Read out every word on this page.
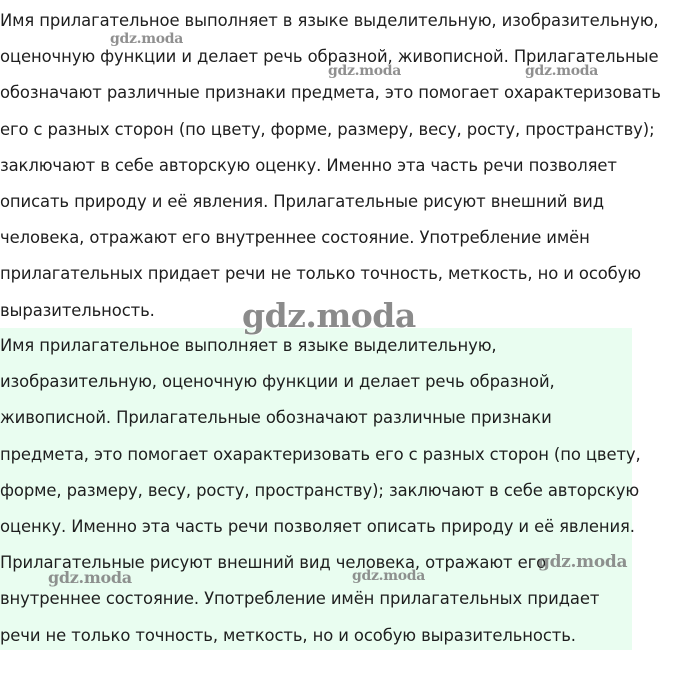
Имя прилагательное выполняет в языке выделительную, изобразительную,
оценочную функции и делает речь образной, живописной. Прилагательные
обозначают различные признаки предмета, это помогает охарактеризовать
его с разных сторон (по цвету, форме, размеру, весу, росту, пространству);
заключают в себе авторскую оценку. Именно эта часть речи позволяет
описать природу и её явления. Прилагательные рисуют внешний вид
человека, отражают его внутреннее состояние. Употребление имён
прилагательных придает речи не только точность, меткость, но и особую
выразительность.
Имя прилагательное выполняет в языке выделительную,
изобразительную, оценочную функции и делает речь образной,
живописной. Прилагательные обозначают различные признаки
предмета, это помогает охарактеризовать его с разных сторон (по цвету,
форме, размеру, весу, росту, пространству); заключают в себе авторскую
оценку. Именно эта часть речи позволяет описать природу и её явления.
Прилагательные рисуют внешний вид человека, отражают его
внутреннее состояние. Употребление имён прилагательных придает
речи не только точность, меткость, но и особую выразительность.
gdz.moda
gdz.moda	gdz.moda
gdz.moda
gdz.moda
gdz.moda	gdz.moda
